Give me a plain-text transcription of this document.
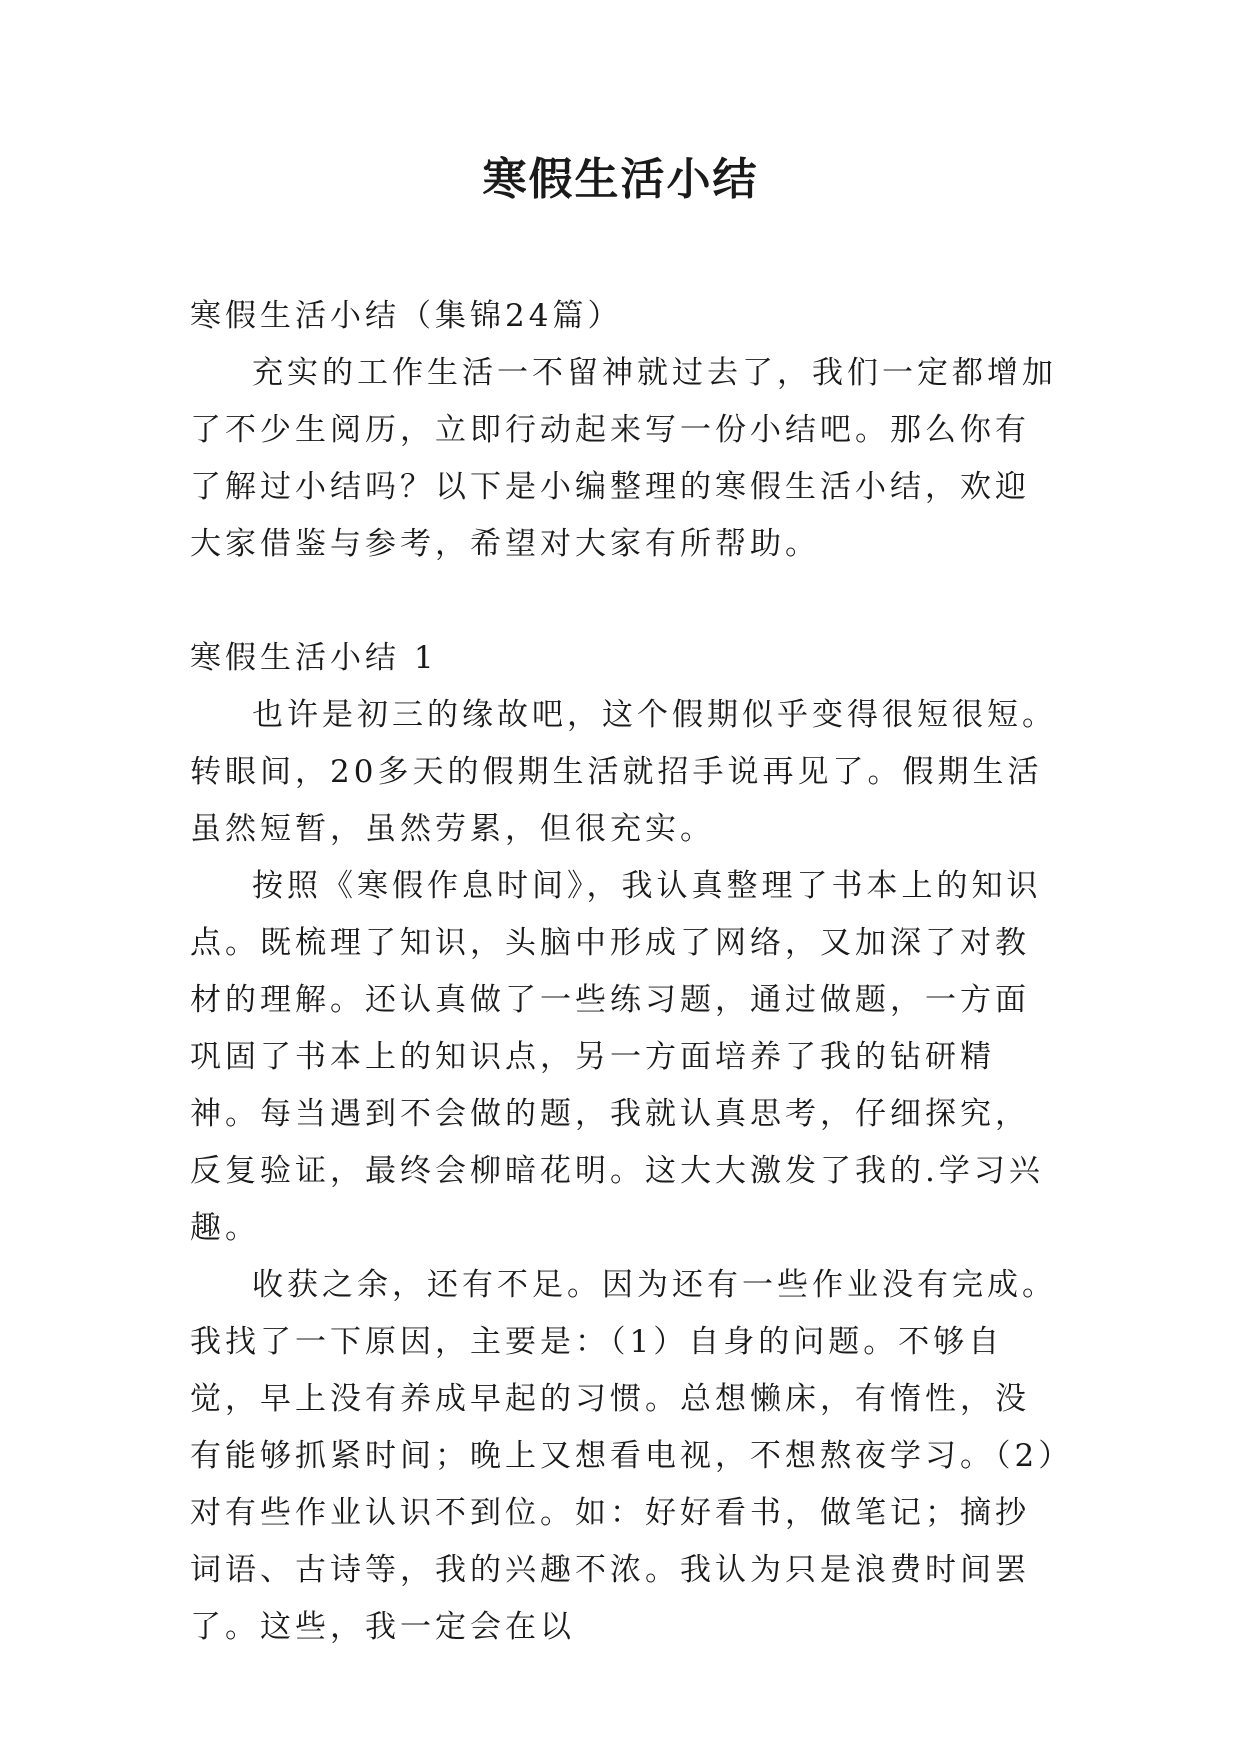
寒假生活小结

寒假生活小结（集锦24篇）

充实的工作生活一不留神就过去了，我们一定都增加了不少生阅历，立即行动起来写一份小结吧。那么你有了解过小结吗？以下是小编整理的寒假生活小结，欢迎大家借鉴与参考，希望对大家有所帮助。

寒假生活小结 1

也许是初三的缘故吧，这个假期似乎变得很短很短。转眼间，20多天的假期生活就招手说再见了。假期生活虽然短暂，虽然劳累，但很充实。

按照《寒假作息时间》，我认真整理了书本上的知识点。既梳理了知识，头脑中形成了网络，又加深了对教材的理解。还认真做了一些练习题，通过做题，一方面巩固了书本上的知识点，另一方面培养了我的钻研精神。每当遇到不会做的题，我就认真思考，仔细探究，反复验证，最终会柳暗花明。这大大激发了我的.学习兴趣。

收获之余，还有不足。因为还有一些作业没有完成。我找了一下原因，主要是：（1）自身的问题。不够自觉，早上没有养成早起的习惯。总想懒床，有惰性，没有能够抓紧时间；晚上又想看电视，不想熬夜学习。（2）对有些作业认识不到位。如：好好看书，做笔记；摘抄词语、古诗等，我的兴趣不浓。我认为只是浪费时间罢了。这些，我一定会在以
